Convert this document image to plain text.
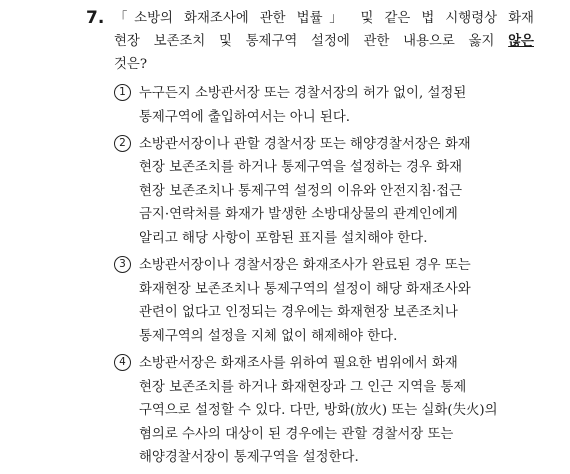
7. 「소방의 화재조사에 관한 법률」 및 같은 법 시행령상 화재
현장 보존조치 및 통제구역 설정에 관한 내용으로 옳지 않은
것은?
1 누구든지 소방관서장 또는 경찰서장의 허가 없이, 설정된
통제구역에 출입하여서는 아니 된다.
2 소방관서장이나 관할 경찰서장 또는 해양경찰서장은 화재
현장 보존조치를 하거나 통제구역을 설정하는 경우 화재
현장 보존조치나 통제구역 설정의 이유와 안전지침·접근
금지·연락처를 화재가 발생한 소방대상물의 관계인에게
알리고 해당 사항이 포함된 표지를 설치해야 한다.
3 소방관서장이나 경찰서장은 화재조사가 완료된 경우 또는
화재현장 보존조치나 통제구역의 설정이 해당 화재조사와
관련이 없다고 인정되는 경우에는 화재현장 보존조치나
통제구역의 설정을 지체 없이 해제해야 한다.
4 소방관서장은 화재조사를 위하여 필요한 범위에서 화재
현장 보존조치를 하거나 화재현장과 그 인근 지역을 통제
구역으로 설정할 수 있다. 다만, 방화(放火) 또는 실화(失火)의
혐의로 수사의 대상이 된 경우에는 관할 경찰서장 또는
해양경찰서장이 통제구역을 설정한다.
